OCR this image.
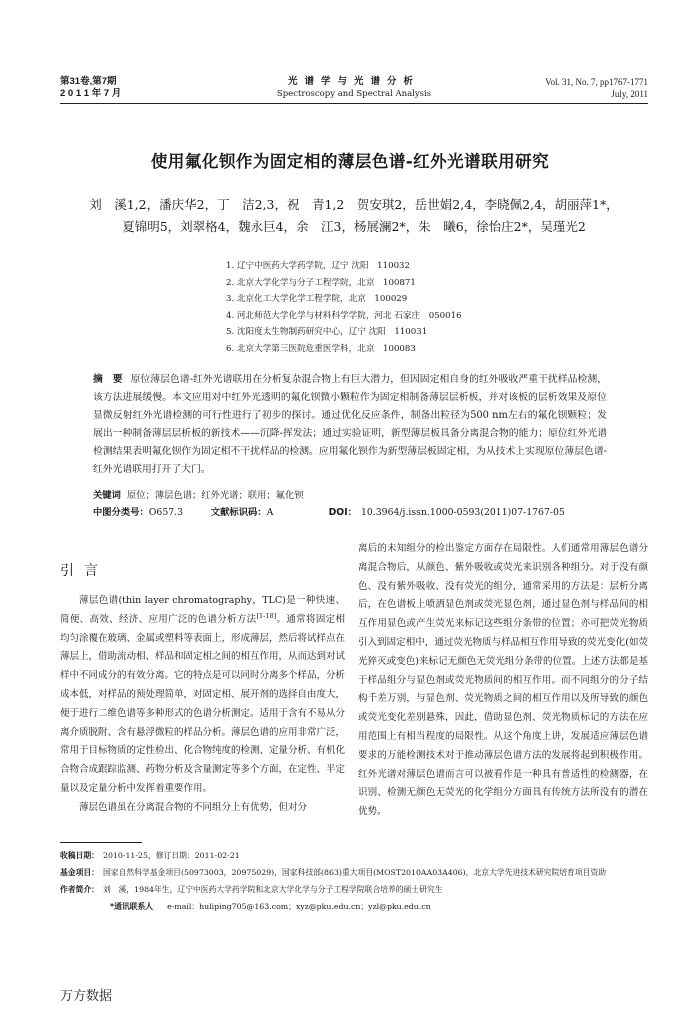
第31卷,第7期
2 0 1 1 年 7 月
光谱学与光谱分析
Spectroscopy and Spectral Analysis
Vol. 31, No. 7, pp1767-1771
July, 2011
使用氟化钡作为固定相的薄层色谱-红外光谱联用研究
刘　溪1,2，潘庆华2，丁　洁2,3，祝　青1,2　贺安琪2，岳世娟2,4，李晓佩2,4，胡丽萍1*，
夏锦明5，刘翠格4，魏永巨4，余　江3，杨展澜2*，朱　曦6，徐怡庄2*，吴瑾光2
1. 辽宁中医药大学药学院，辽宁 沈阳　110032
2. 北京大学化学与分子工程学院，北京　100871
3. 北京化工大学化学工程学院，北京　100029
4. 河北师范大学化学与材料科学学院，河北 石家庄　050016
5. 沈阳度太生物制药研究中心，辽宁 沈阳　110031
6. 北京大学第三医院危重医学科，北京　100083
摘　要 原位薄层色谱-红外光谱联用在分析复杂混合物上有巨大潜力，但因固定相自身的红外吸收严重干扰样品检测，该方法进展缓慢。本文应用对中红外光透明的氟化钡微小颗粒作为固定相制备薄层层析板，并对该板的层析效果及原位显微反射红外光谱检测的可行性进行了初步的探讨。通过优化反应条件，制备出粒径为500 nm左右的氟化钡颗粒；发展出一种制备薄层层析板的新技术——沉降-挥发法；通过实验证明，新型薄层板具备分离混合物的能力；原位红外光谱检测结果表明氟化钡作为固定相不干扰样品的检测。应用氟化钡作为新型薄层板固定相，为从技术上实现原位薄层色谱-红外光谱联用打开了大门。
关键词 原位；薄层色谱；红外光谱；联用；氟化钡
中图分类号：O657.3	文献标识码：A	DOI： 10.3964/j.issn.1000-0593(2011)07-1767-05
引言

薄层色谱(thin layer chromatography，TLC)是一种快速、简便、高效、经济、应用广泛的色谱分析方法[1-18]。通常将固定相均匀涂覆在玻璃、金属或塑料等表面上，形成薄层，然后将试样点在薄层上，借助流动相、样品和固定相之间的相互作用，从而达到对试样中不同成分的有效分离。它的特点是可以同时分离多个样品，分析成本低，对样品的预处理简单，对固定相、展开剂的选择自由度大，便于进行二维色谱等多种形式的色谱分析测定。适用于含有不易从分离介质脱附、含有悬浮微粒的样品分析。薄层色谱的应用非常广泛，常用于目标物质的定性检出、化合物纯度的检测、定量分析、有机化合物合成跟踪监测、药物分析及含量测定等多个方面，在定性、半定量以及定量分析中发挥着重要作用。

薄层色谱虽在分离混合物的不同组分上有优势，但对分

离后的未知组分的检出鉴定方面存在局限性。人们通常用薄层色谱分离混合物后，从颜色、紫外吸收或荧光来识别各种组分。对于没有颜色、没有紫外吸收、没有荧光的组分，通常采用的方法是：层析分离后，在色谱板上喷洒显色剂或荧光显色剂，通过显色剂与样品间的相互作用显色或产生荧光来标记这些组分条带的位置；亦可把荧光物质引入到固定相中，通过荧光物质与样品相互作用导致的荧光变化(如荧光猝灭或变色)来标记无颜色无荧光组分条带的位置。上述方法都是基于样品组分与显色剂或荧光物质间的相互作用。而不同组分的分子结构千差万别，与显色剂、荧光物质之间的相互作用以及所导致的颜色或荧光变化差别悬殊，因此，借助显色剂、荧光物质标记的方法在应用范围上有相当程度的局限性。从这个角度上讲，发展适应薄层色谱要求的万能检测技术对于推动薄层色谱方法的发展将起到积极作用。红外光谱对薄层色谱而言可以被看作是一种具有普适性的检测器，在识别、检测无颜色无荧光的化学组分方面具有传统方法所没有的潜在优势。

收稿日期： 2010-11-25，修订日期：2011-02-21
基金项目： 国家自然科学基金项目(50973003，20975029)，国家科技部(863)重大项目(MOST2010AA03A406)，北京大学先进技术研究院培育项目资助
作者简介： 刘　溪，1984年生，辽宁中医药大学药学院和北京大学化学与分子工程学院联合培养的硕士研究生
*通讯联系人 e-mail：huliping705@163.com；xyz@pku.edu.cn；yzl@pku.edu.cn
万方数据
